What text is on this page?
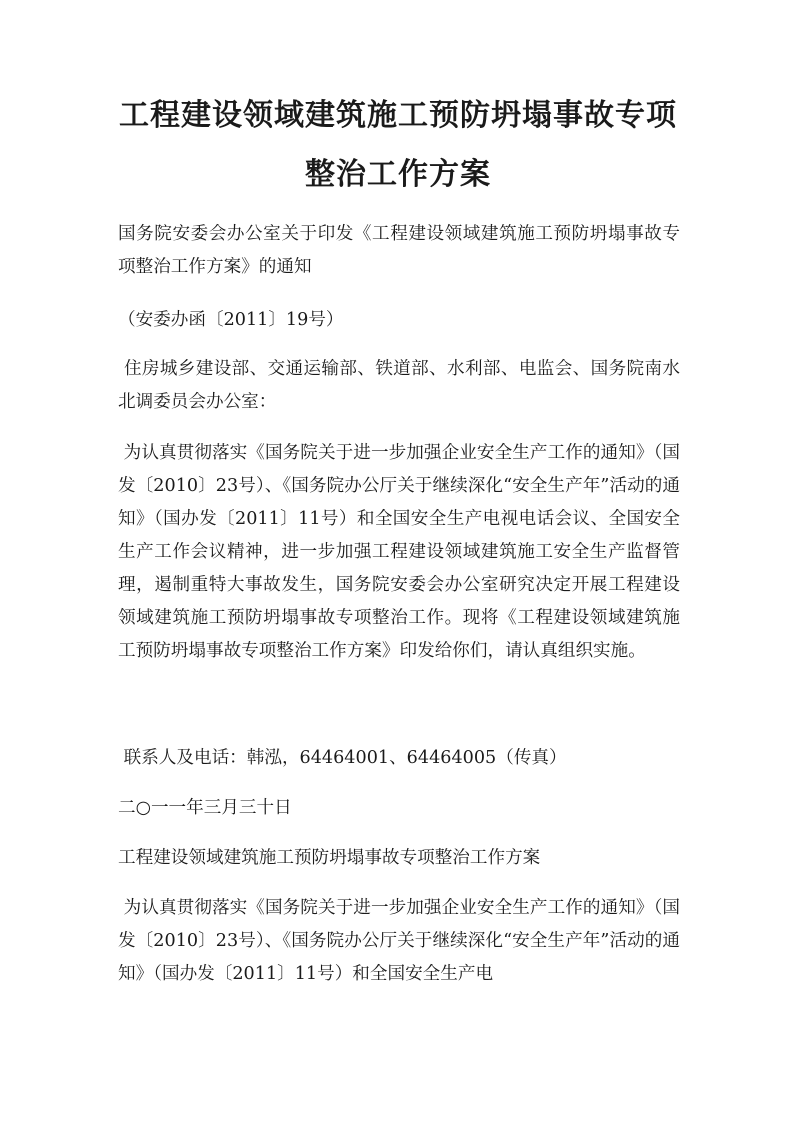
工程建设领域建筑施工预防坍塌事故专项
整治工作方案
国务院安委会办公室关于印发《工程建设领域建筑施工预防坍塌事故专项整治工作方案》的通知
（安委办函〔2011〕19号）
住房城乡建设部、交通运输部、铁道部、水利部、电监会、国务院南水北调委员会办公室：
为认真贯彻落实《国务院关于进一步加强企业安全生产工作的通知》（国发〔2010〕23号）、《国务院办公厅关于继续深化“安全生产年”活动的通知》（国办发〔2011〕11号）和全国安全生产电视电话会议、全国安全生产工作会议精神，进一步加强工程建设领域建筑施工安全生产监督管理，遏制重特大事故发生，国务院安委会办公室研究决定开展工程建设领域建筑施工预防坍塌事故专项整治工作。现将《工程建设领域建筑施工预防坍塌事故专项整治工作方案》印发给你们，请认真组织实施。
联系人及电话：韩泓，64464001、64464005（传真）
二○一一年三月三十日
工程建设领域建筑施工预防坍塌事故专项整治工作方案
为认真贯彻落实《国务院关于进一步加强企业安全生产工作的通知》（国发〔2010〕23号）、《国务院办公厅关于继续深化“安全生产年”活动的通知》（国办发〔2011〕11号）和全国安全生产电
